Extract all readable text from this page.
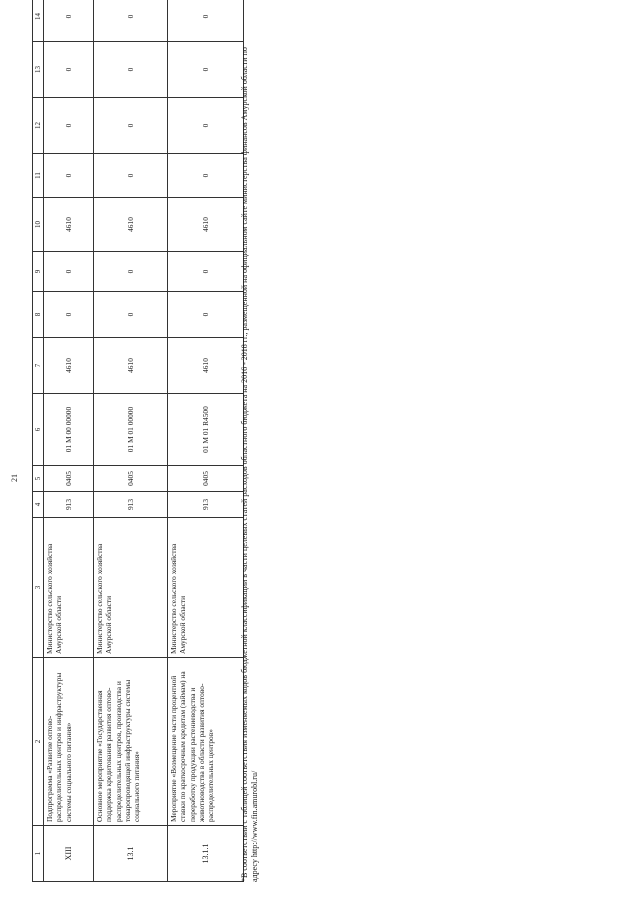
21
1	2	3	4	5	6	7	8	9	10	11	12	13	14
XIII	Подпрограмма «Развитие оптово-распределительных центров и инфраструктуры системы социального питания»	Министерство сельского хозяйства Амурской области	913	0405	01 M 00 00000	4610	0	0	4610	0	0	0	0
13.1	Основное мероприятие «Государственная поддержка кредитования развития оптово-распределительных центров, производства и товаропроводящей инфраструктуры системы социального питания»	Министерство сельского хозяйства Амурской области	913	0405	01 M 01 00000	4610	0	0	4610	0	0	0	0
13.1.1	Мероприятие «Возмещение части процентной ставки по краткосрочным кредитам (займам) на переработку продукции растениеводства и животноводства в области развития оптово-распределительных центров»	Министерство сельского хозяйства Амурской области	913	0405	01 M 01 R4500	4610	0	0	4610	0	0	0	0
*В соответствии с таблицей соответствия изменяемых кодов бюджетной классификации в части целевых статей расходов областного бюджета на 2016 - 2018 гг., размещенной на официальном сайте министерства финансов Амурской области по адресу http://www.fin.amurobl.ru/
